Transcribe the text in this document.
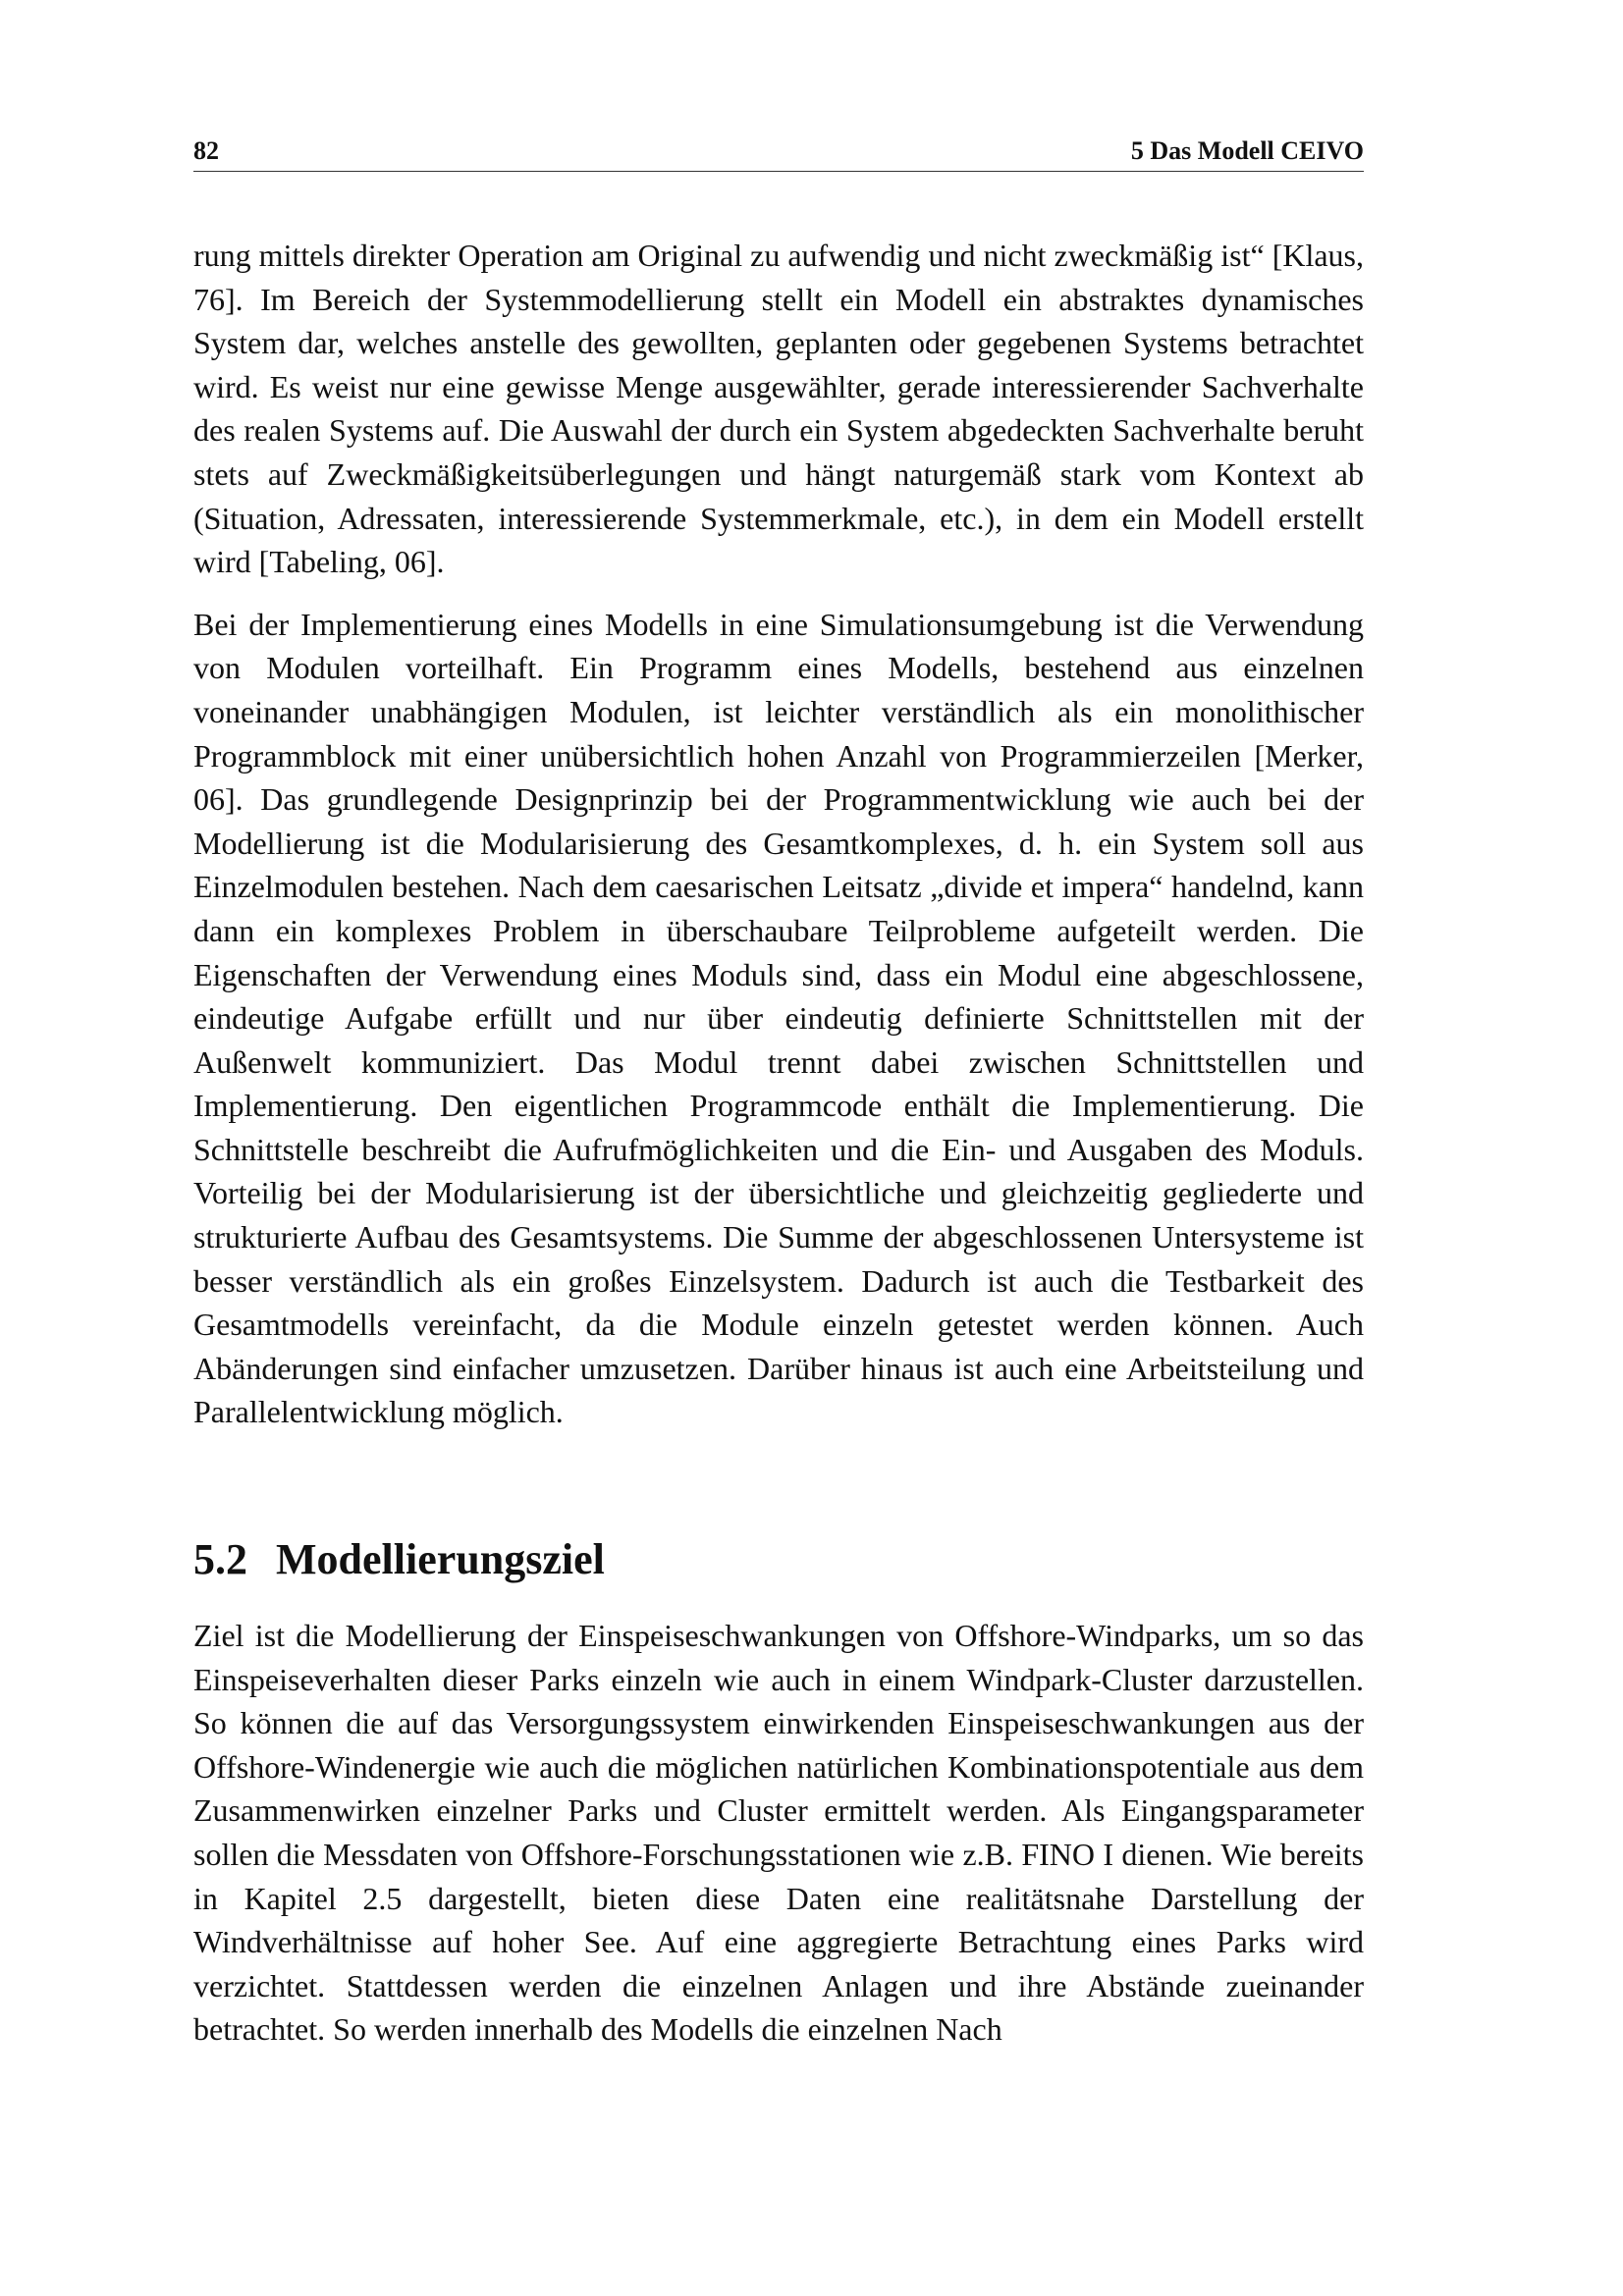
82	5 Das Modell CEIVO

rung mittels direkter Operation am Original zu aufwendig und nicht zweckmäßig ist“ [Klaus, 76]. Im Bereich der Systemmodellierung stellt ein Modell ein abstraktes dynamisches System dar, welches anstelle des gewollten, geplanten oder gegebenen Systems betrachtet wird. Es weist nur eine gewisse Menge ausgewählter, gerade interessierender Sachverhalte des realen Systems auf. Die Auswahl der durch ein System abgedeckten Sachverhalte beruht stets auf Zweckmäßigkeitsüberlegungen und hängt naturgemäß stark vom Kontext ab (Situation, Adressaten, interessierende Systemmerkmale, etc.), in dem ein Modell erstellt wird [Tabeling, 06].

Bei der Implementierung eines Modells in eine Simulationsumgebung ist die Verwendung von Modulen vorteilhaft. Ein Programm eines Modells, bestehend aus einzelnen voneinander unabhängigen Modulen, ist leichter verständlich als ein monolithischer Programmblock mit einer unübersichtlich hohen Anzahl von Programmierzeilen [Merker, 06]. Das grundlegende Designprinzip bei der Programmentwicklung wie auch bei der Modellierung ist die Modularisierung des Gesamtkomplexes, d. h. ein System soll aus Einzelmodulen bestehen. Nach dem caesarischen Leitsatz „divide et impera“ handelnd, kann dann ein komplexes Problem in überschaubare Teilprobleme aufgeteilt werden. Die Eigenschaften der Verwendung eines Moduls sind, dass ein Modul eine abgeschlossene, eindeutige Aufgabe erfüllt und nur über eindeutig definierte Schnittstellen mit der Außenwelt kommuniziert. Das Modul trennt dabei zwischen Schnittstellen und Implementierung. Den eigentlichen Programmcode enthält die Implementierung. Die Schnittstelle beschreibt die Aufrufmöglichkeiten und die Ein- und Ausgaben des Moduls. Vorteilig bei der Modularisierung ist der übersichtliche und gleichzeitig gegliederte und strukturierte Aufbau des Gesamtsystems. Die Summe der abgeschlossenen Untersysteme ist besser verständlich als ein großes Einzelsystem. Dadurch ist auch die Testbarkeit des Gesamtmodells vereinfacht, da die Module einzeln getestet werden können. Auch Abänderungen sind einfacher umzusetzen. Darüber hinaus ist auch eine Arbeitsteilung und Parallelentwicklung möglich.

5.2 Modellierungsziel

Ziel ist die Modellierung der Einspeiseschwankungen von Offshore-Windparks, um so das Einspeiseverhalten dieser Parks einzeln wie auch in einem Windpark-Cluster darzustellen. So können die auf das Versorgungssystem einwirkenden Einspeiseschwankungen aus der Offshore-Windenergie wie auch die möglichen natürlichen Kombinationspotentiale aus dem Zusammenwirken einzelner Parks und Cluster ermittelt werden. Als Eingangsparameter sollen die Messdaten von Offshore-Forschungsstationen wie z.B. FINO I dienen. Wie bereits in Kapitel 2.5 dargestellt, bieten diese Daten eine realitätsnahe Darstellung der Windverhältnisse auf hoher See. Auf eine aggregierte Betrachtung eines Parks wird verzichtet. Stattdessen werden die einzelnen Anlagen und ihre Abstände zueinander betrachtet. So werden innerhalb des Modells die einzelnen Nach
